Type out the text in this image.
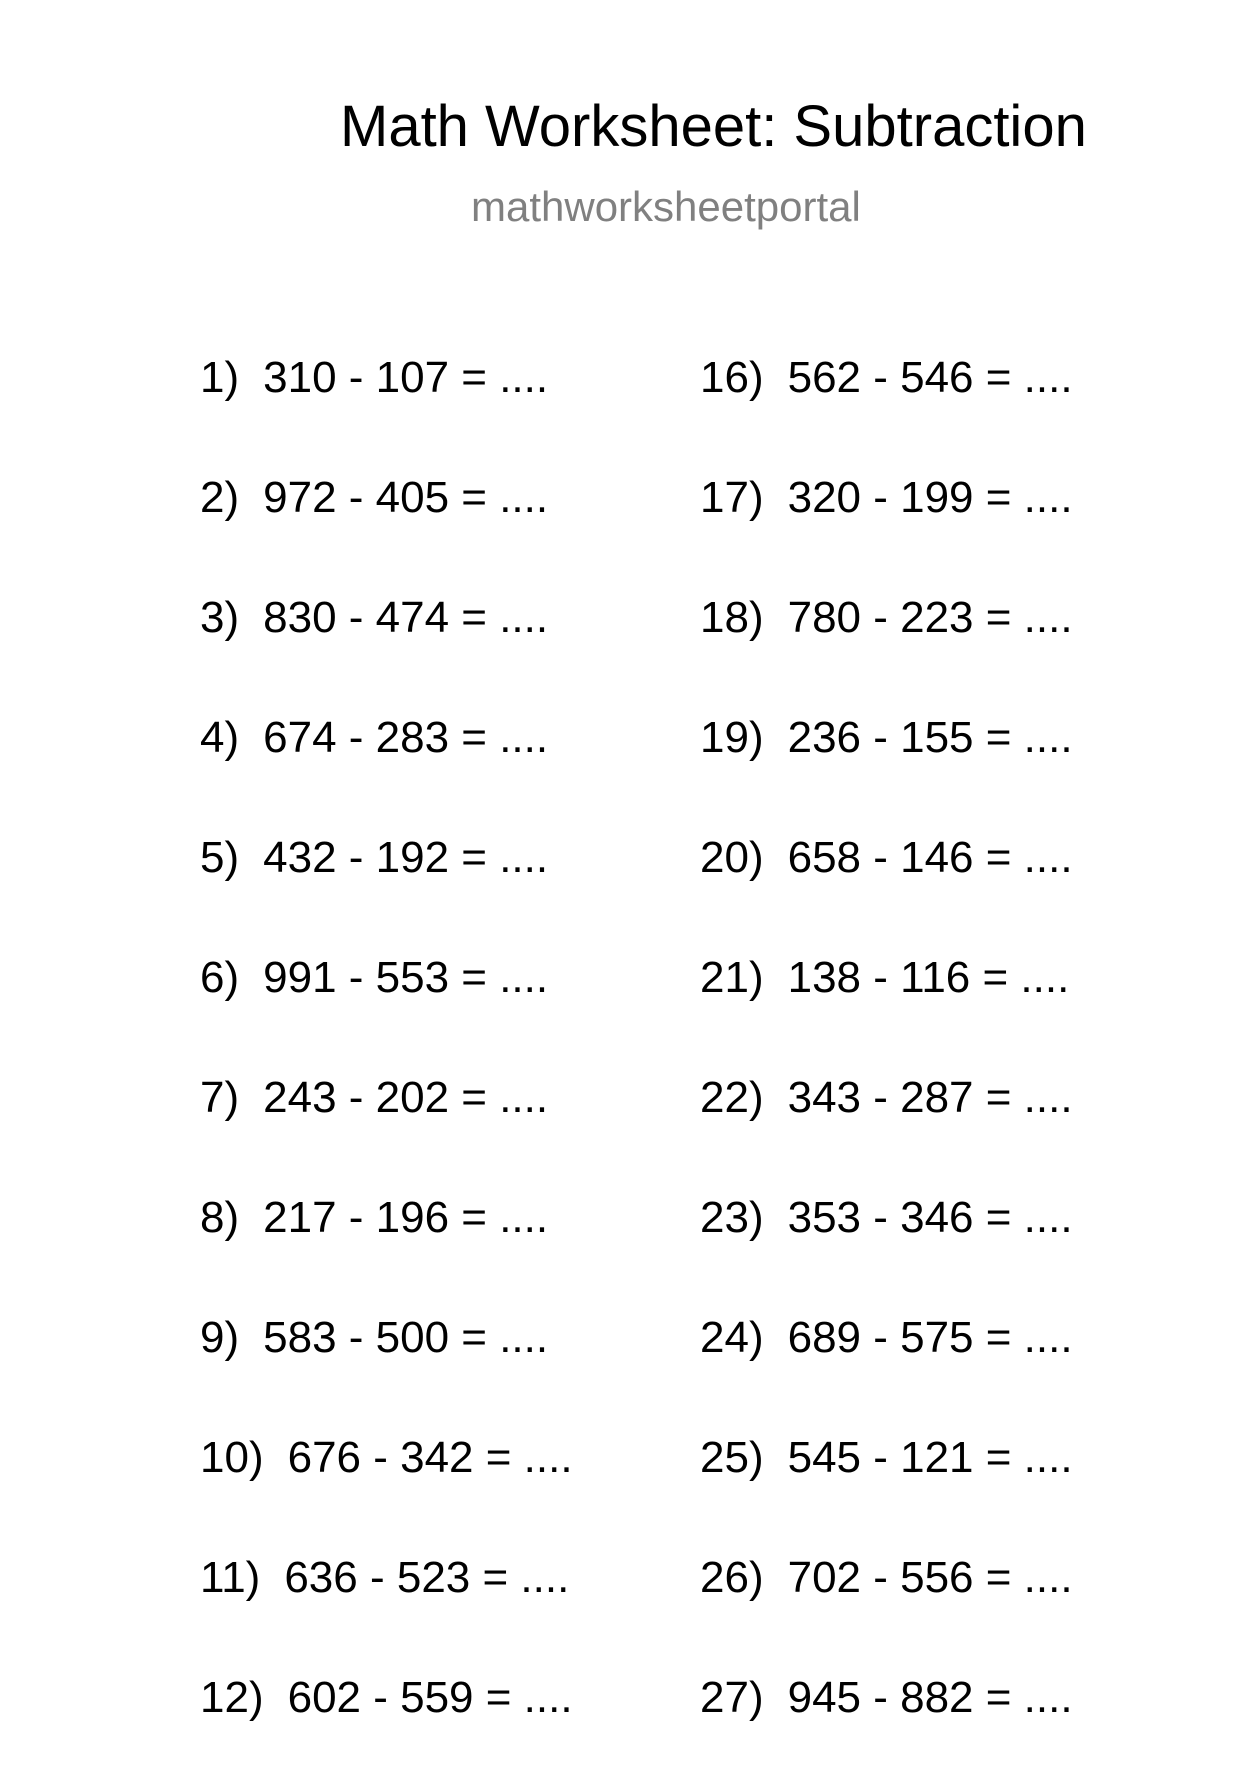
Math Worksheet: Subtraction
mathworksheetportal
1) 310 - 107 = ....
2) 972 - 405 = ....
3) 830 - 474 = ....
4) 674 - 283 = ....
5) 432 - 192 = ....
6) 991 - 553 = ....
7) 243 - 202 = ....
8) 217 - 196 = ....
9) 583 - 500 = ....
10) 676 - 342 = ....
11) 636 - 523 = ....
12) 602 - 559 = ....
16) 562 - 546 = ....
17) 320 - 199 = ....
18) 780 - 223 = ....
19) 236 - 155 = ....
20) 658 - 146 = ....
21) 138 - 116 = ....
22) 343 - 287 = ....
23) 353 - 346 = ....
24) 689 - 575 = ....
25) 545 - 121 = ....
26) 702 - 556 = ....
27) 945 - 882 = ....
